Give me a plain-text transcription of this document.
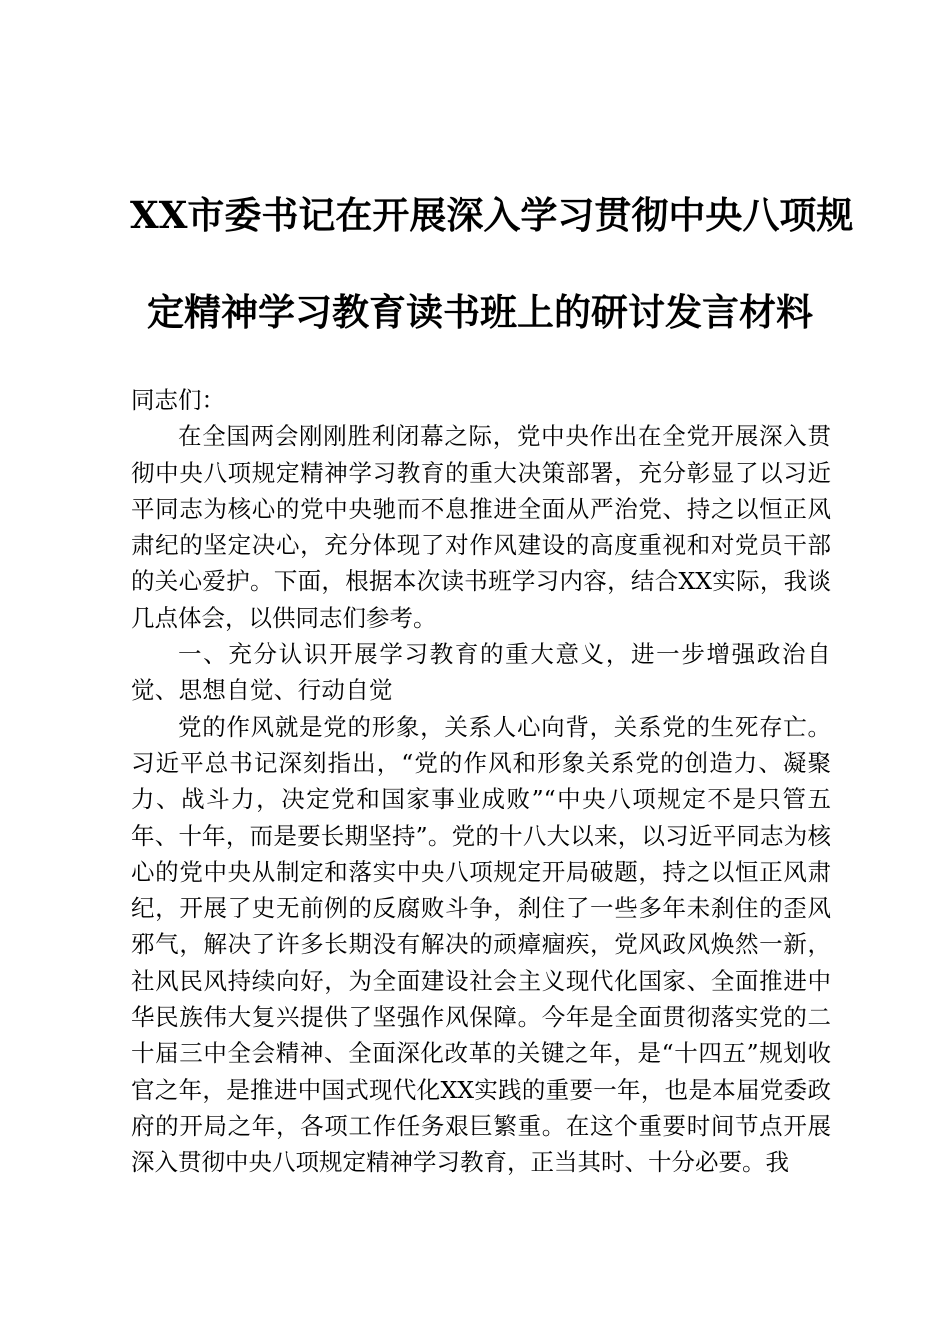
XX市委书记在开展深入学习贯彻中央八项规
定精神学习教育读书班上的研讨发言材料

同志们：

在全国两会刚刚胜利闭幕之际，党中央作出在全党开展深入贯彻中央八项规定精神学习教育的重大决策部署，充分彰显了以习近平同志为核心的党中央驰而不息推进全面从严治党、持之以恒正风肃纪的坚定决心，充分体现了对作风建设的高度重视和对党员干部的关心爱护。下面，根据本次读书班学习内容，结合XX实际，我谈几点体会，以供同志们参考。

一、充分认识开展学习教育的重大意义，进一步增强政治自觉、思想自觉、行动自觉

党的作风就是党的形象，关系人心向背，关系党的生死存亡。习近平总书记深刻指出，“党的作风和形象关系党的创造力、凝聚力、战斗力，决定党和国家事业成败”“中央八项规定不是只管五年、十年，而是要长期坚持”。党的十八大以来，以习近平同志为核心的党中央从制定和落实中央八项规定开局破题，持之以恒正风肃纪，开展了史无前例的反腐败斗争，刹住了一些多年未刹住的歪风邪气，解决了许多长期没有解决的顽瘴痼疾，党风政风焕然一新，社风民风持续向好，为全面建设社会主义现代化国家、全面推进中华民族伟大复兴提供了坚强作风保障。今年是全面贯彻落实党的二十届三中全会精神、全面深化改革的关键之年，是“十四五”规划收官之年，是推进中国式现代化XX实践的重要一年，也是本届党委政府的开局之年，各项工作任务艰巨繁重。在这个重要时间节点开展深入贯彻中央八项规定精神学习教育，正当其时、十分必要。我
